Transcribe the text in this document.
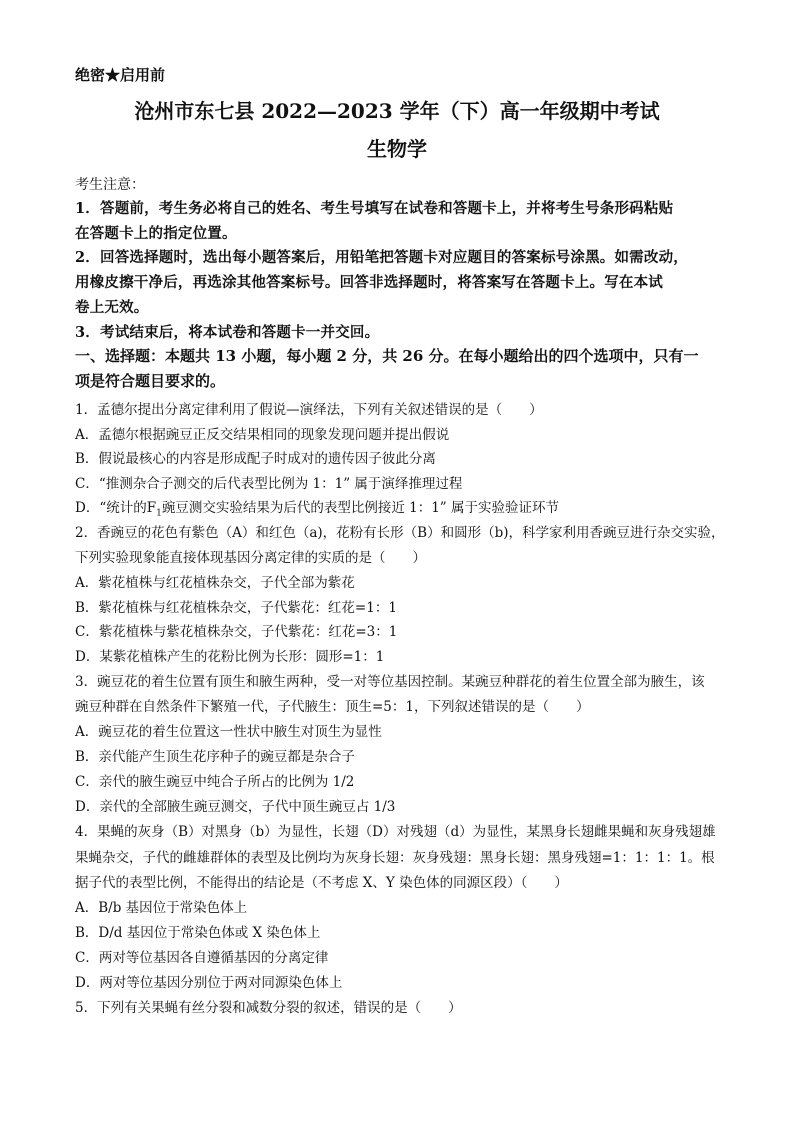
绝密★启用前
沧州市东七县 2022—2023 学年（下）高一年级期中考试
生物学
考生注意：
1．答题前，考生务必将自己的姓名、考生号填写在试卷和答题卡上，并将考生号条形码粘贴
在答题卡上的指定位置。
2．回答选择题时，选出每小题答案后，用铅笔把答题卡对应题目的答案标号涂黑。如需改动，
用橡皮擦干净后，再选涂其他答案标号。回答非选择题时，将答案写在答题卡上。写在本试
卷上无效。
3．考试结束后，将本试卷和答题卡一并交回。
一、选择题：本题共 13 小题，每小题 2 分，共 26 分。在每小题给出的四个选项中，只有一
项是符合题目要求的。
1．孟德尔提出分离定律利用了假说—演绎法，下列有关叙述错误的是（　　）
A．孟德尔根据豌豆正反交结果相同的现象发现问题并提出假说
B．假说最核心的内容是形成配子时成对的遗传因子彼此分离
C．“推测杂合子测交的后代表型比例为 1：1” 属于演绎推理过程
D．“统计的$F_1$豌豆测交实验结果为后代的表型比例接近 1：1” 属于实验验证环节
2．香豌豆的花色有紫色（A）和红色（a)，花粉有长形（B）和圆形（b)，科学家利用香豌豆进行杂交实验，
下列实验现象能直接体现基因分离定律的实质的是（　　）
A．紫花植株与红花植株杂交，子代全部为紫花
B．紫花植株与红花植株杂交，子代紫花：红花=1：1
C．紫花植株与紫花植株杂交，子代紫花：红花=3：1
D．某紫花植株产生的花粉比例为长形：圆形=1：1
3．豌豆花的着生位置有顶生和腋生两种，受一对等位基因控制。某豌豆种群花的着生位置全部为腋生，该
豌豆种群在自然条件下繁殖一代，子代腋生：顶生=5：1，下列叙述错误的是（　　）
A．豌豆花的着生位置这一性状中腋生对顶生为显性
B．亲代能产生顶生花序种子的豌豆都是杂合子
C．亲代的腋生豌豆中纯合子所占的比例为 1/2
D．亲代的全部腋生豌豆测交，子代中顶生豌豆占 1/3
4．果蝇的灰身（B）对黑身（b）为显性，长翅（D）对残翅（d）为显性，某黑身长翅雌果蝇和灰身残翅雄
果蝇杂交，子代的雌雄群体的表型及比例均为灰身长翅：灰身残翅：黑身长翅：黑身残翅=1：1：1：1。根
据子代的表型比例，不能得出的结论是（不考虑 X、Y 染色体的同源区段）（　　）
A．B/b 基因位于常染色体上
B．D/d 基因位于常染色体或 X 染色体上
C．两对等位基因各自遵循基因的分离定律
D．两对等位基因分别位于两对同源染色体上
5．下列有关果蝇有丝分裂和减数分裂的叙述，错误的是（　　）
